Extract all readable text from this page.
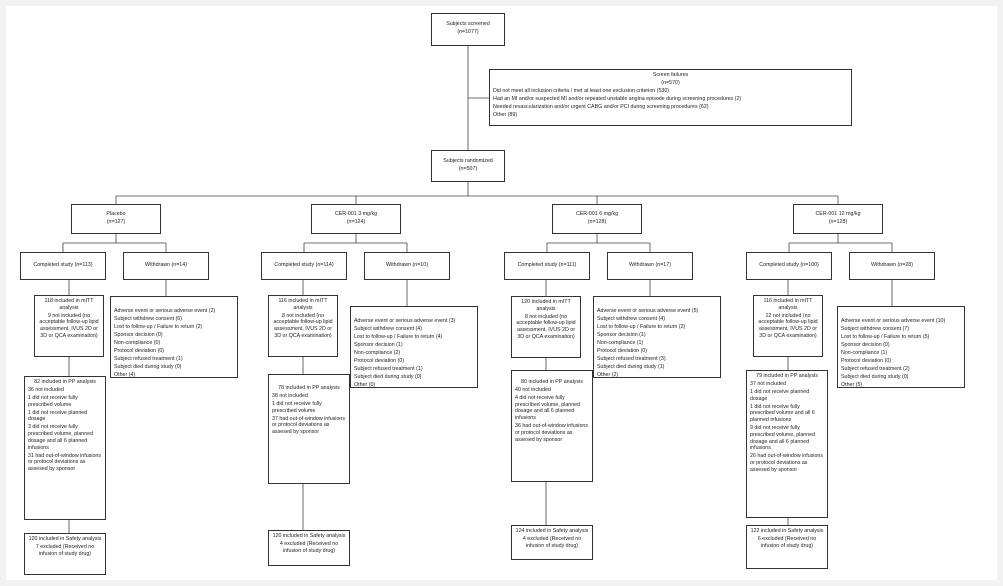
Subjects screened

(n=1077)

Screen failures

(n=570)

Did not meet all inclusion criteria / met at least one exclusion criterion (530)

Had an MI and/or suspected MI and/or repeated unstable angina episode during screening procedures (2)

Needed revascularization and/or urgent CABG and/or PCI during screening procedures (62)

Other (89)

Subjects randomized

(n=507)

Placebo

(n=127)

Completed study (n=113)	Withdrawn (n=14)

118 included in mITT analysis

9 not included (no acceptable follow-up lipid assessment, IVUS 2D or 3D or QCA examination)

Adverse event or serious adverse event (2)

Subject withdrew consent (6)

Lost to follow-up / Failure to return (2)

Sponsor decision (0)

Non-compliance (0)

Protocol deviation (0)

Subject refused treatment (1)

Subject died during study (0)

Other (4)

82 included in PP analysis

36 not included

1 did not receive fully prescribed volume

1 did not receive planned dosage

3 did not receive fully prescribed volume, planned dosage and all 6 planned infusions

31 had out-of-window infusions or protocol deviations as assesed by sponsor

120 included in Safety analysis

7 excluded (Received no infusion of study drug)

CER-001 3 mg/kg

(n=124)

Completed study (n=114)	Withdrawn (n=10)

116 included in mITT analysis

8 not included (no acceptable follow-up lipid assessment, IVUS 2D or 3D or QCA examination)

Adverse event or serious adverse event (3)

Subject withdrew consent (4)

Lost to follow-up / Failure to return (4)

Sponsor decision (1)

Non-compliance (2)

Protocol deviation (0)

Subject refused treatment (1)

Subject died during study (0)

Other (0)

78 included in PP analysis

38 not included

1 did not receive fully prescribed volume

37 had out-of-window infusions or protocol deviations as assesed by sponsor

120 included in Safety analysis

4 excluded (Received no infusion of study drug)

CER-001 6 mg/kg

(n=128)

Completed study (n=111)	Withdrawn (n=17)

120 included in mITT analysis

8 not included (no acceptable follow-up lipid assessment, IVUS 2D or 3D or QCA examination)

Adverse event or serious adverse event (5)

Subject withdrew consent (4)

Lost to follow-up / Failure to return (2)

Sponsor decision (1)

Non-compliance (1)

Protocol deviation (0)

Subject refused treatment (3)

Subject died during study (1)

Other (2)

80 included in PP analysis

40 not included

4 did not receive fully prescribed volume, planned dosage and all 6 planned infusions

36 had out-of-window infusions or protocol deviations as assesed by sponsor

124 included in Safety analysis

4 excluded (Received no infusion of study drug)

CER-001 12 mg/kg

(n=128)

Completed study (n=100)	Withdrawn (n=28)

116 included in mITT analysis

12 not included (no acceptable follow-up lipid assessment, IVUS 2D or 3D or QCA examination)

Adverse event or serious adverse event (10)

Subject withdrew consent (7)

Lost to follow-up / Failure to return (5)

Sponsor decision (0)

Non-compliance (1)

Protocol deviation (0)

Subject refused treatment (2)

Subject died during study (0)

Other (5)

79 included in PP analysis

37 not included

1 did not receive planned dosage

1 did not receive fully prescribed volume and all 6 planned infusions

9 did not receive fully prescribed volume, planned dosage and all 6 planned infusions

26 had out-of-window infusions or protocol deviations as assesed by sponsor

122 included in Safety analysis

6 excluded (Received no infusion of study drug)
